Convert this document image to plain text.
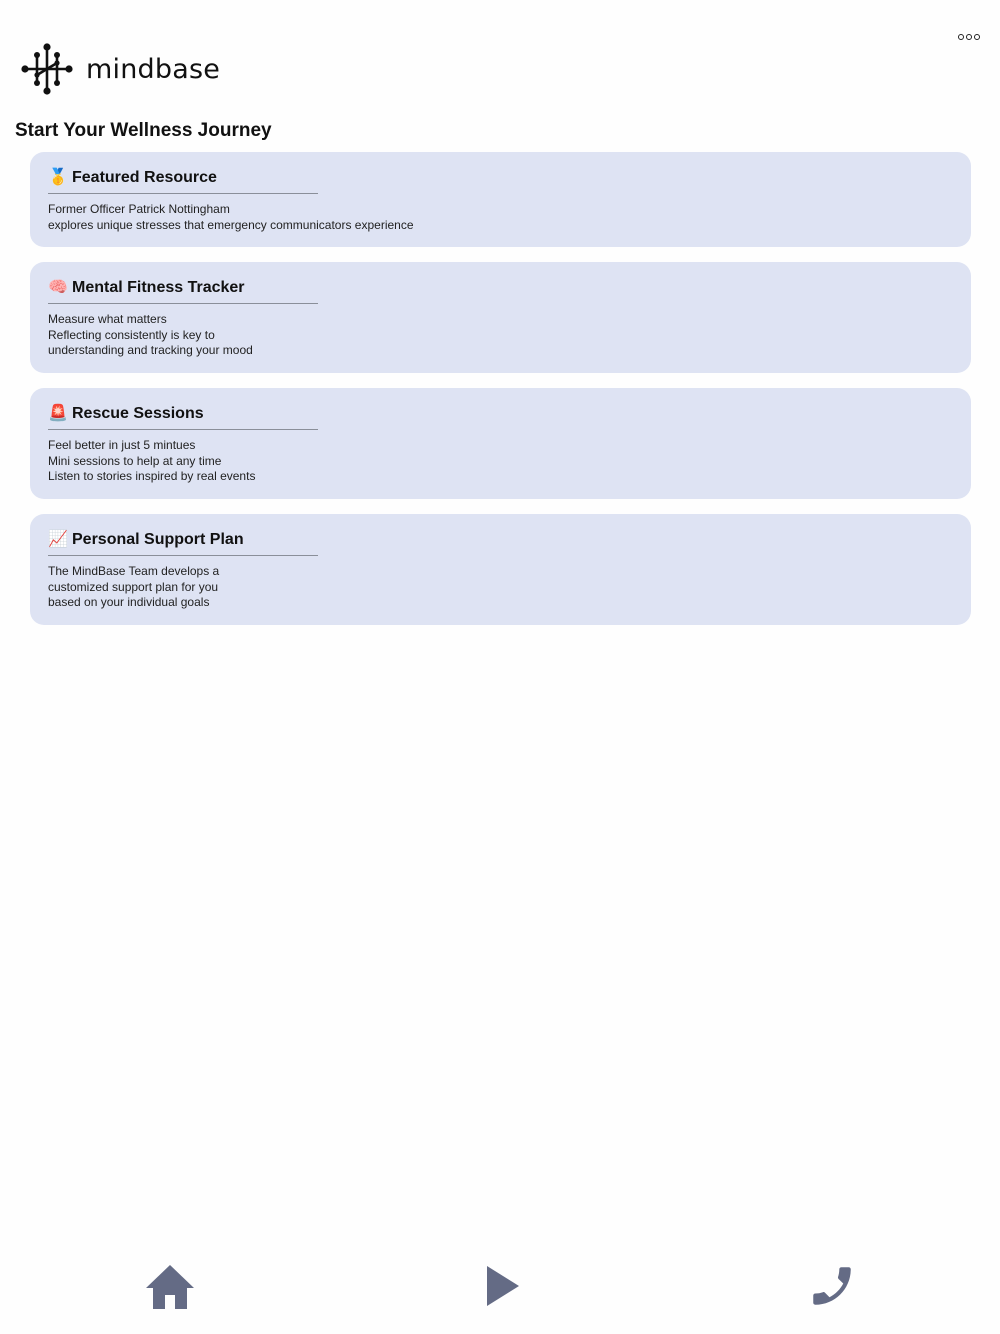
mindbase
Start Your Wellness Journey
🥇 Featured Resource
Former Officer Patrick Nottingham
explores unique stresses that emergency communicators experience
🧠 Mental Fitness Tracker
Measure what matters
Reflecting consistently is key to
understanding and tracking your mood
🚨 Rescue Sessions
Feel better in just 5 mintues
Mini sessions to help at any time
Listen to stories inspired by real events
📈 Personal Support Plan
The MindBase Team develops a
customized support plan for you
based on your individual goals
